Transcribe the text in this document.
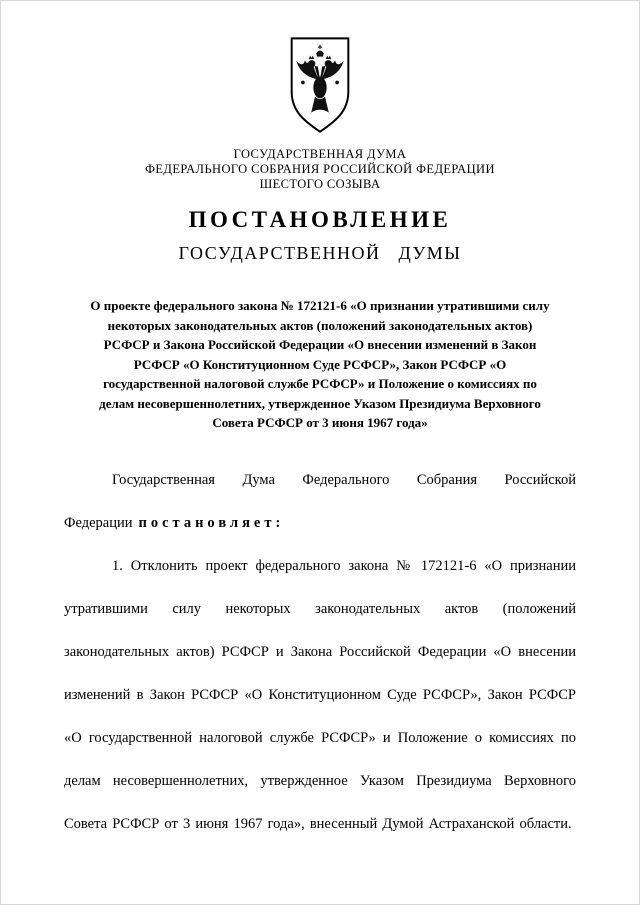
ГОСУДАРСТВЕННАЯ ДУМА
ФЕДЕРАЛЬНОГО СОБРАНИЯ РОССИЙСКОЙ ФЕДЕРАЦИИ
ШЕСТОГО СОЗЫВА
ПОСТАНОВЛЕНИЕ
ГОСУДАРСТВЕННОЙ ДУМЫ

О проекте федерального закона № 172121-6 «О признании утратившими силу некоторых законодательных актов (положений законодательных актов) РСФСР и Закона Российской Федерации «О внесении изменений в Закон РСФСР «О Конституционном Суде РСФСР», Закон РСФСР «О государственной налоговой службе РСФСР» и Положение о комиссиях по делам несовершеннолетних, утвержденное Указом Президиума Верховного Совета РСФСР от 3 июня 1967 года»

Государственная Дума Федерального Собрания Российской Федерации постановляет:

1. Отклонить проект федерального закона № 172121-6 «О признании утратившими силу некоторых законодательных актов (положений законодательных актов) РСФСР и Закона Российской Федерации «О внесении изменений в Закон РСФСР «О Конституционном Суде РСФСР», Закон РСФСР «О государственной налоговой службе РСФСР» и Положение о комиссиях по делам несовершеннолетних, утвержденное Указом Президиума Верховного Совета РСФСР от 3 июня 1967 года», внесенный Думой Астраханской области.
